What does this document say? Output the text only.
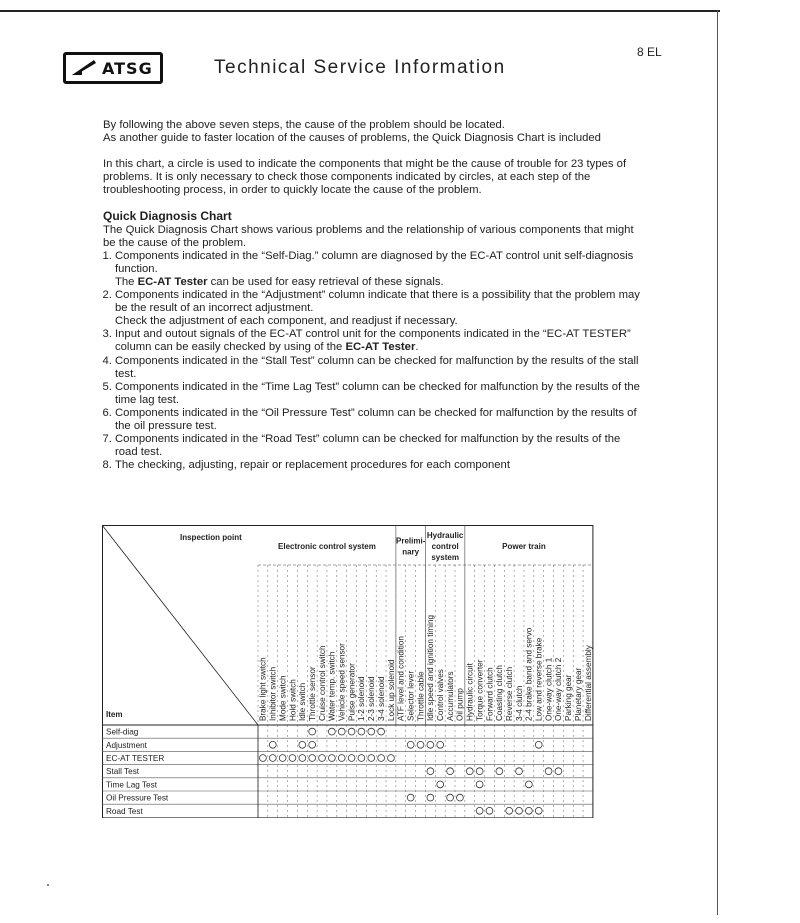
ATSG	Technical Service Information
8 EL

By following the above seven steps, the cause of the problem should be located.

As another guide to faster location of the causes of problems, the Quick Diagnosis Chart is included

In this chart, a circle is used to indicate the components that might be the cause of trouble for 23 types of problems. It is only necessary to check those components indicated by circles, at each step of the troubleshooting process, in order to quickly locate the cause of the problem.

Quick Diagnosis Chart

The Quick Diagnosis Chart shows various problems and the relationship of various components that might be the cause of the problem.

1. Components indicated in the “Self-Diag.” column are diagnosed by the EC-AT control unit self-diagnosis function.
The EC-AT Tester can be used for easy retrieval of these signals.
2. Components indicated in the “Adjustment” column indicate that there is a possibility that the problem may be the result of an incorrect adjustment.
Check the adjustment of each component, and readjust if necessary.
3. Input and outout signals of the EC-AT control unit for the components indicated in the “EC-AT TESTER” column can be easily checked by using of the EC-AT Tester.
4. Components indicated in the “Stall Test” column can be checked for malfunction by the results of the stall test.
5. Components indicated in the “Time Lag Test” column can be checked for malfunction by the results of the time lag test.
6. Components indicated in the “Oil Pressure Test” column can be checked for malfunction by the results of the oil pressure test.
7. Components indicated in the “Road Test” column can be checked for malfunction by the results of the road test.
8. The checking, adjusting, repair or replacement procedures for each component
Inspection point
Item
Electronic control system
Prelimi-
nary
Hydraulic
control
system
Power train
Brake light switch Inhibitor switch Mode switch Hold switch Idle switch Throttle sensor Cruise control switch Water temp. switch Vehicle speed sensor Pulse generator 1-2 solenoid 2-3 solenoid 3-4 solenoid Lock up solenoid ATF level and condition Selector lever Throttle cable Idle speed and ignition timing Control valves Accumulators Oil pump Hydraulic circuit Torque converter Forward clutch Coasting clutch Reverse clutch 3-4 clutch 2-4 brake band and servo Low and reverse brake One-way clutch 1 One-way clutch 2 Parking gear Planetary gear Differential assembly
Self-diag
Adjustment
EC-AT TESTER
Stall Test
Time Lag Test
Oil Pressure Test
Road Test
